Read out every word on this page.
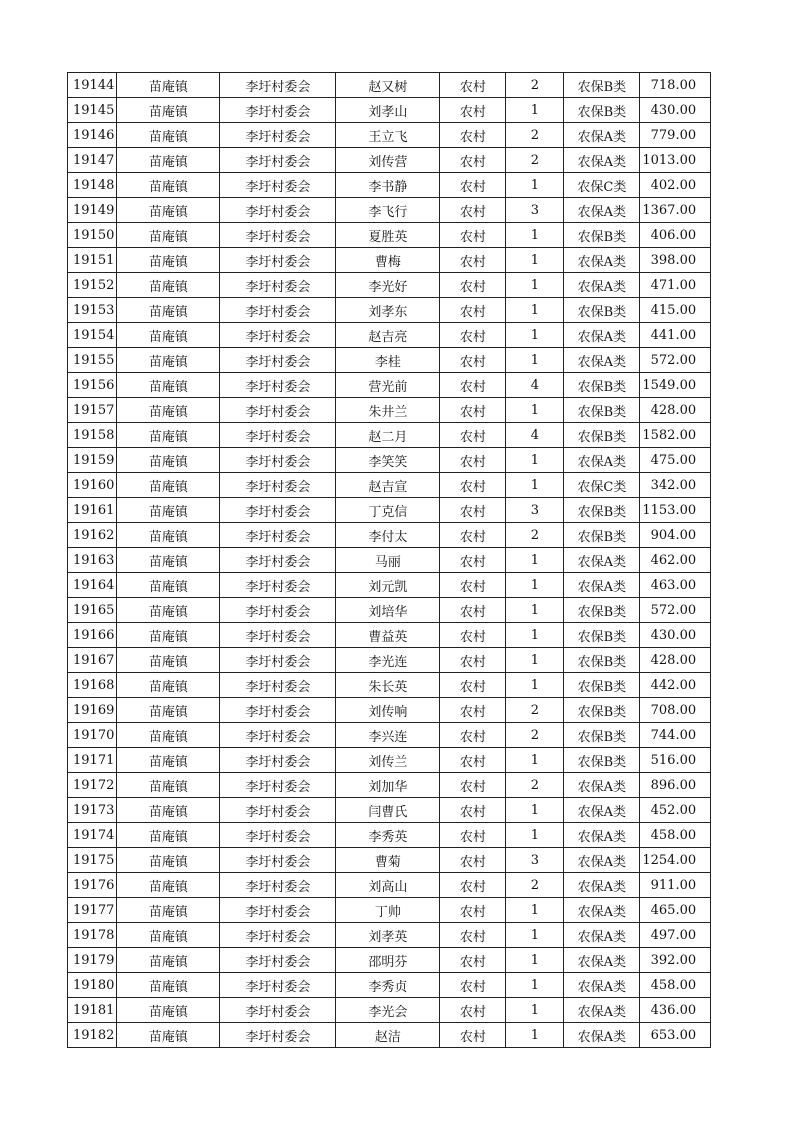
19144	苗庵镇	李圩村委会	赵又树	农村	2	农保B类	718.00
19145	苗庵镇	李圩村委会	刘孝山	农村	1	农保B类	430.00
19146	苗庵镇	李圩村委会	王立飞	农村	2	农保A类	779.00
19147	苗庵镇	李圩村委会	刘传营	农村	2	农保A类	1013.00
19148	苗庵镇	李圩村委会	李书静	农村	1	农保C类	402.00
19149	苗庵镇	李圩村委会	李飞行	农村	3	农保A类	1367.00
19150	苗庵镇	李圩村委会	夏胜英	农村	1	农保B类	406.00
19151	苗庵镇	李圩村委会	曹梅	农村	1	农保A类	398.00
19152	苗庵镇	李圩村委会	李光好	农村	1	农保A类	471.00
19153	苗庵镇	李圩村委会	刘孝东	农村	1	农保B类	415.00
19154	苗庵镇	李圩村委会	赵吉亮	农村	1	农保A类	441.00
19155	苗庵镇	李圩村委会	李桂	农村	1	农保A类	572.00
19156	苗庵镇	李圩村委会	营光前	农村	4	农保B类	1549.00
19157	苗庵镇	李圩村委会	朱井兰	农村	1	农保B类	428.00
19158	苗庵镇	李圩村委会	赵二月	农村	4	农保B类	1582.00
19159	苗庵镇	李圩村委会	李笑笑	农村	1	农保A类	475.00
19160	苗庵镇	李圩村委会	赵吉宣	农村	1	农保C类	342.00
19161	苗庵镇	李圩村委会	丁克信	农村	3	农保B类	1153.00
19162	苗庵镇	李圩村委会	李付太	农村	2	农保B类	904.00
19163	苗庵镇	李圩村委会	马丽	农村	1	农保A类	462.00
19164	苗庵镇	李圩村委会	刘元凯	农村	1	农保A类	463.00
19165	苗庵镇	李圩村委会	刘培华	农村	1	农保B类	572.00
19166	苗庵镇	李圩村委会	曹益英	农村	1	农保B类	430.00
19167	苗庵镇	李圩村委会	李光连	农村	1	农保B类	428.00
19168	苗庵镇	李圩村委会	朱长英	农村	1	农保B类	442.00
19169	苗庵镇	李圩村委会	刘传响	农村	2	农保B类	708.00
19170	苗庵镇	李圩村委会	李兴连	农村	2	农保B类	744.00
19171	苗庵镇	李圩村委会	刘传兰	农村	1	农保B类	516.00
19172	苗庵镇	李圩村委会	刘加华	农村	2	农保A类	896.00
19173	苗庵镇	李圩村委会	闫曹氏	农村	1	农保A类	452.00
19174	苗庵镇	李圩村委会	李秀英	农村	1	农保A类	458.00
19175	苗庵镇	李圩村委会	曹菊	农村	3	农保A类	1254.00
19176	苗庵镇	李圩村委会	刘高山	农村	2	农保A类	911.00
19177	苗庵镇	李圩村委会	丁帅	农村	1	农保A类	465.00
19178	苗庵镇	李圩村委会	刘孝英	农村	1	农保A类	497.00
19179	苗庵镇	李圩村委会	邵明芬	农村	1	农保A类	392.00
19180	苗庵镇	李圩村委会	李秀贞	农村	1	农保A类	458.00
19181	苗庵镇	李圩村委会	李光会	农村	1	农保A类	436.00
19182	苗庵镇	李圩村委会	赵洁	农村	1	农保A类	653.00
